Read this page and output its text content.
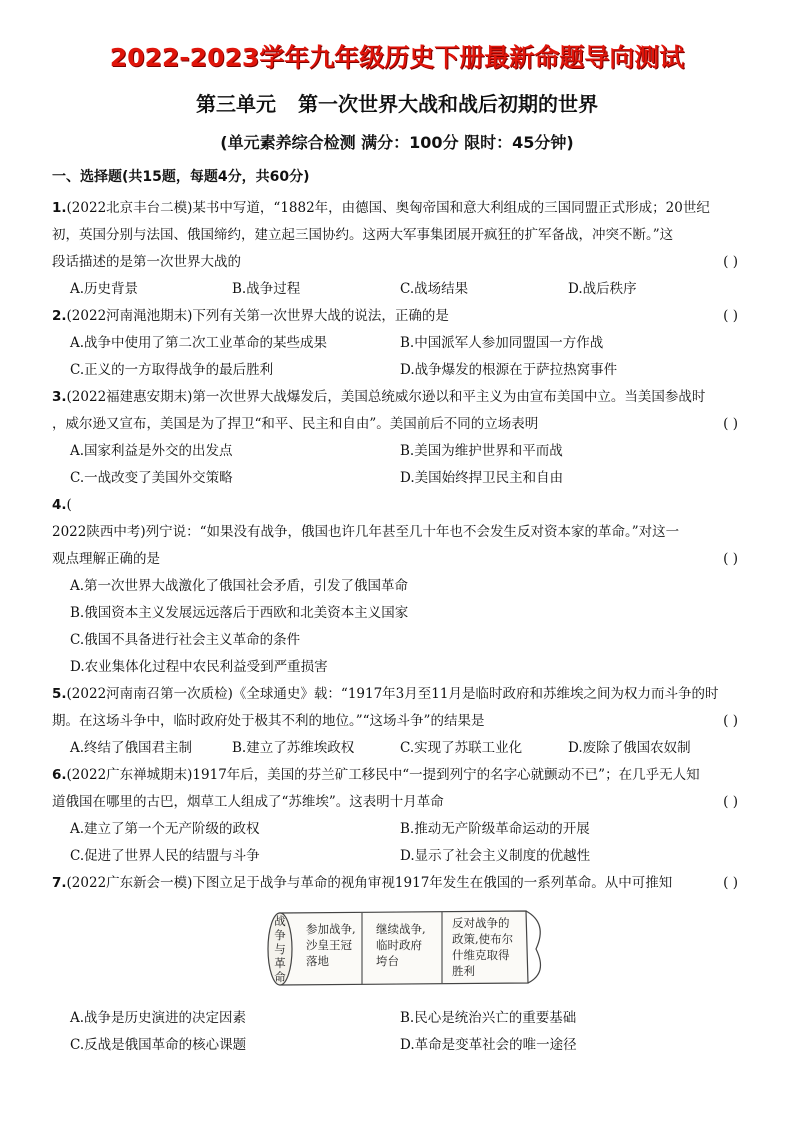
2022-2023学年九年级历史下册最新命题导向测试
第三单元 第一次世界大战和战后初期的世界
(单元素养综合检测 满分：100分 限时：45分钟)
一、选择题(共15题，每题4分，共60分)
1.(2022北京丰台二模)某书中写道，“1882年，由德国、奥匈帝国和意大利组成的三国同盟正式形成；20世纪
初，英国分别与法国、俄国缔约，建立起三国协约。这两大军事集团展开疯狂的扩军备战，冲突不断。”这
段话描述的是第一次世界大战的	( )
A.历史背景	B.战争过程	C.战场结果	D.战后秩序
2.(2022河南渑池期末)下列有关第一次世界大战的说法，正确的是	( )
A.战争中使用了第二次工业革命的某些成果	B.中国派军人参加同盟国一方作战
C.正义的一方取得战争的最后胜利	D.战争爆发的根源在于萨拉热窝事件
3.(2022福建惠安期末)第一次世界大战爆发后，美国总统威尔逊以和平主义为由宣布美国中立。当美国参战时
，威尔逊又宣布，美国是为了捍卫“和平、民主和自由”。美国前后不同的立场表明	( )
A.国家利益是外交的出发点	B.美国为维护世界和平而战
C.一战改变了美国外交策略	D.美国始终捍卫民主和自由
4.(
2022陕西中考)列宁说：“如果没有战争，俄国也许几年甚至几十年也不会发生反对资本家的革命。”对这一
观点理解正确的是	( )
A.第一次世界大战激化了俄国社会矛盾，引发了俄国革命
B.俄国资本主义发展远远落后于西欧和北美资本主义国家
C.俄国不具备进行社会主义革命的条件
D.农业集体化过程中农民利益受到严重损害
5.(2022河南南召第一次质检)《全球通史》载：“1917年3月至11月是临时政府和苏维埃之间为权力而斗争的时
期。在这场斗争中，临时政府处于极其不利的地位。”“这场斗争”的结果是	( )
A.终结了俄国君主制	B.建立了苏维埃政权	C.实现了苏联工业化	D.废除了俄国农奴制
6.(2022广东禅城期末)1917年后，美国的芬兰矿工移民中“一提到列宁的名字心就颤动不已”；在几乎无人知
道俄国在哪里的古巴，烟草工人组成了“苏维埃”。这表明十月革命	( )
A.建立了第一个无产阶级的政权	B.推动无产阶级革命运动的开展
C.促进了世界人民的结盟与斗争	D.显示了社会主义制度的优越性
7.(2022广东新会一模)下图立足于战争与革命的视角审视1917年发生在俄国的一系列革命。从中可推知	( )
战
争
与
革
命
参加战争,
沙皇王冠
落地
继续战争,
临时政府
垮台
反对战争的
政策,使布尔
什维克取得
胜利
A.战争是历史演进的决定因素	B.民心是统治兴亡的重要基础
C.反战是俄国革命的核心课题	D.革命是变革社会的唯一途径
